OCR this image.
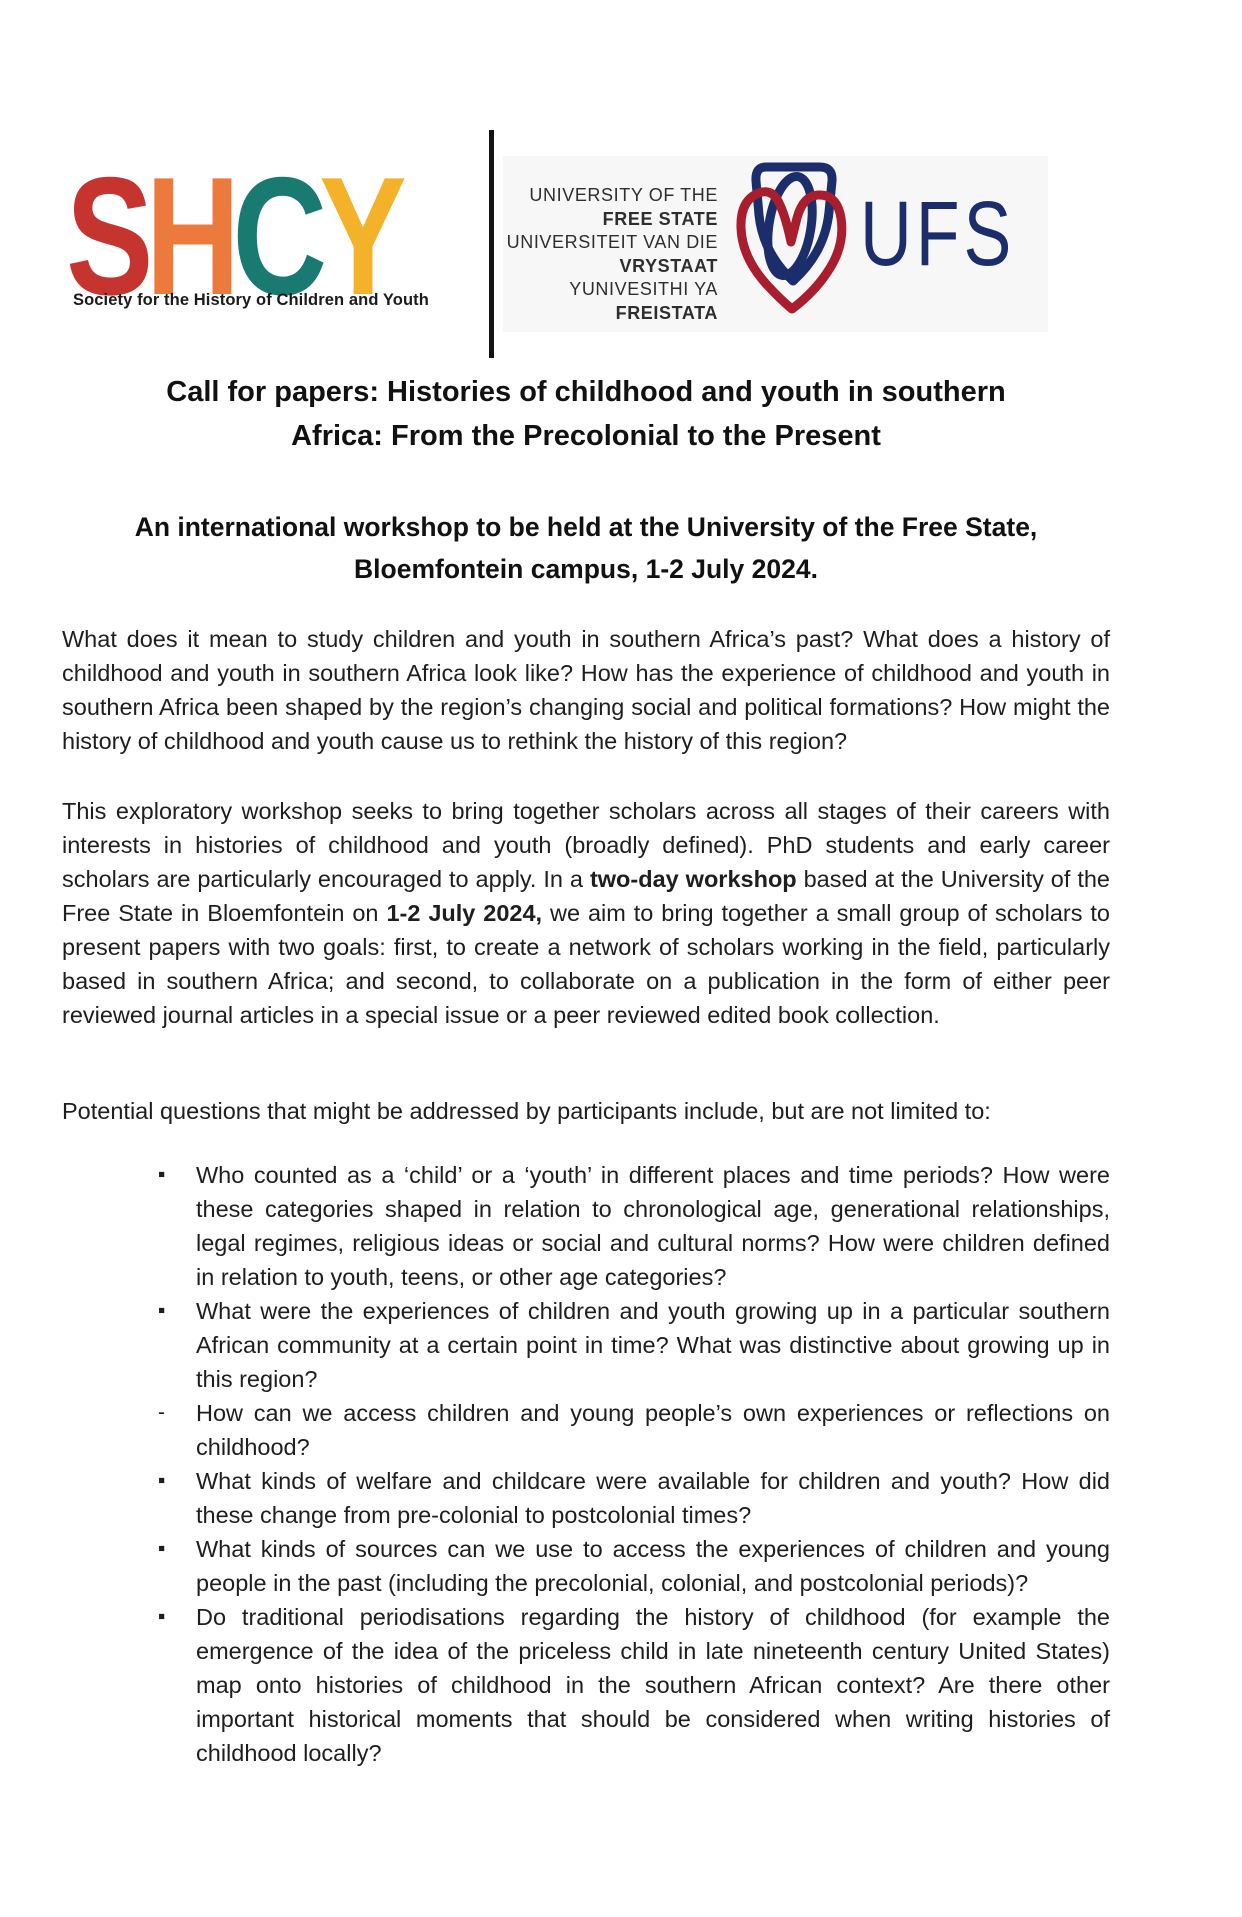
SHCY
Society for the History of Children and Youth
UNIVERSITY OF THE
FREE STATE
UNIVERSITEIT VAN DIE
VRYSTAAT
YUNIVESITHI YA
FREISTATA
UFS
Call for papers: Histories of childhood and youth in southern
Africa: From the Precolonial to the Present
An international workshop to be held at the University of the Free State,
Bloemfontein campus, 1-2 July 2024.
What does it mean to study children and youth in southern Africa’s past? What does a history of childhood and youth in southern Africa look like? How has the experience of childhood and youth in southern Africa been shaped by the region’s changing social and political formations? How might the history of childhood and youth cause us to rethink the history of this region?
This exploratory workshop seeks to bring together scholars across all stages of their careers with interests in histories of childhood and youth (broadly defined). PhD students and early career scholars are particularly encouraged to apply. In a two-day workshop based at the University of the Free State in Bloemfontein on 1-2 July 2024, we aim to bring together a small group of scholars to present papers with two goals: first, to create a network of scholars working in the field, particularly based in southern Africa; and second, to collaborate on a publication in the form of either peer reviewed journal articles in a special issue or a peer reviewed edited book collection.
Potential questions that might be addressed by participants include, but are not limited to:
▪	Who counted as a ‘child’ or a ‘youth’ in different places and time periods? How were these categories shaped in relation to chronological age, generational relationships, legal regimes, religious ideas or social and cultural norms? How were children defined in relation to youth, teens, or other age categories?
▪	What were the experiences of children and youth growing up in a particular southern African community at a certain point in time? What was distinctive about growing up in this region?
-	How can we access children and young people’s own experiences or reflections on childhood?
▪	What kinds of welfare and childcare were available for children and youth? How did these change from pre-colonial to postcolonial times?
▪	What kinds of sources can we use to access the experiences of children and young people in the past (including the precolonial, colonial, and postcolonial periods)?
▪	Do traditional periodisations regarding the history of childhood (for example the emergence of the idea of the priceless child in late nineteenth century United States) map onto histories of childhood in the southern African context? Are there other important historical moments that should be considered when writing histories of childhood locally?
